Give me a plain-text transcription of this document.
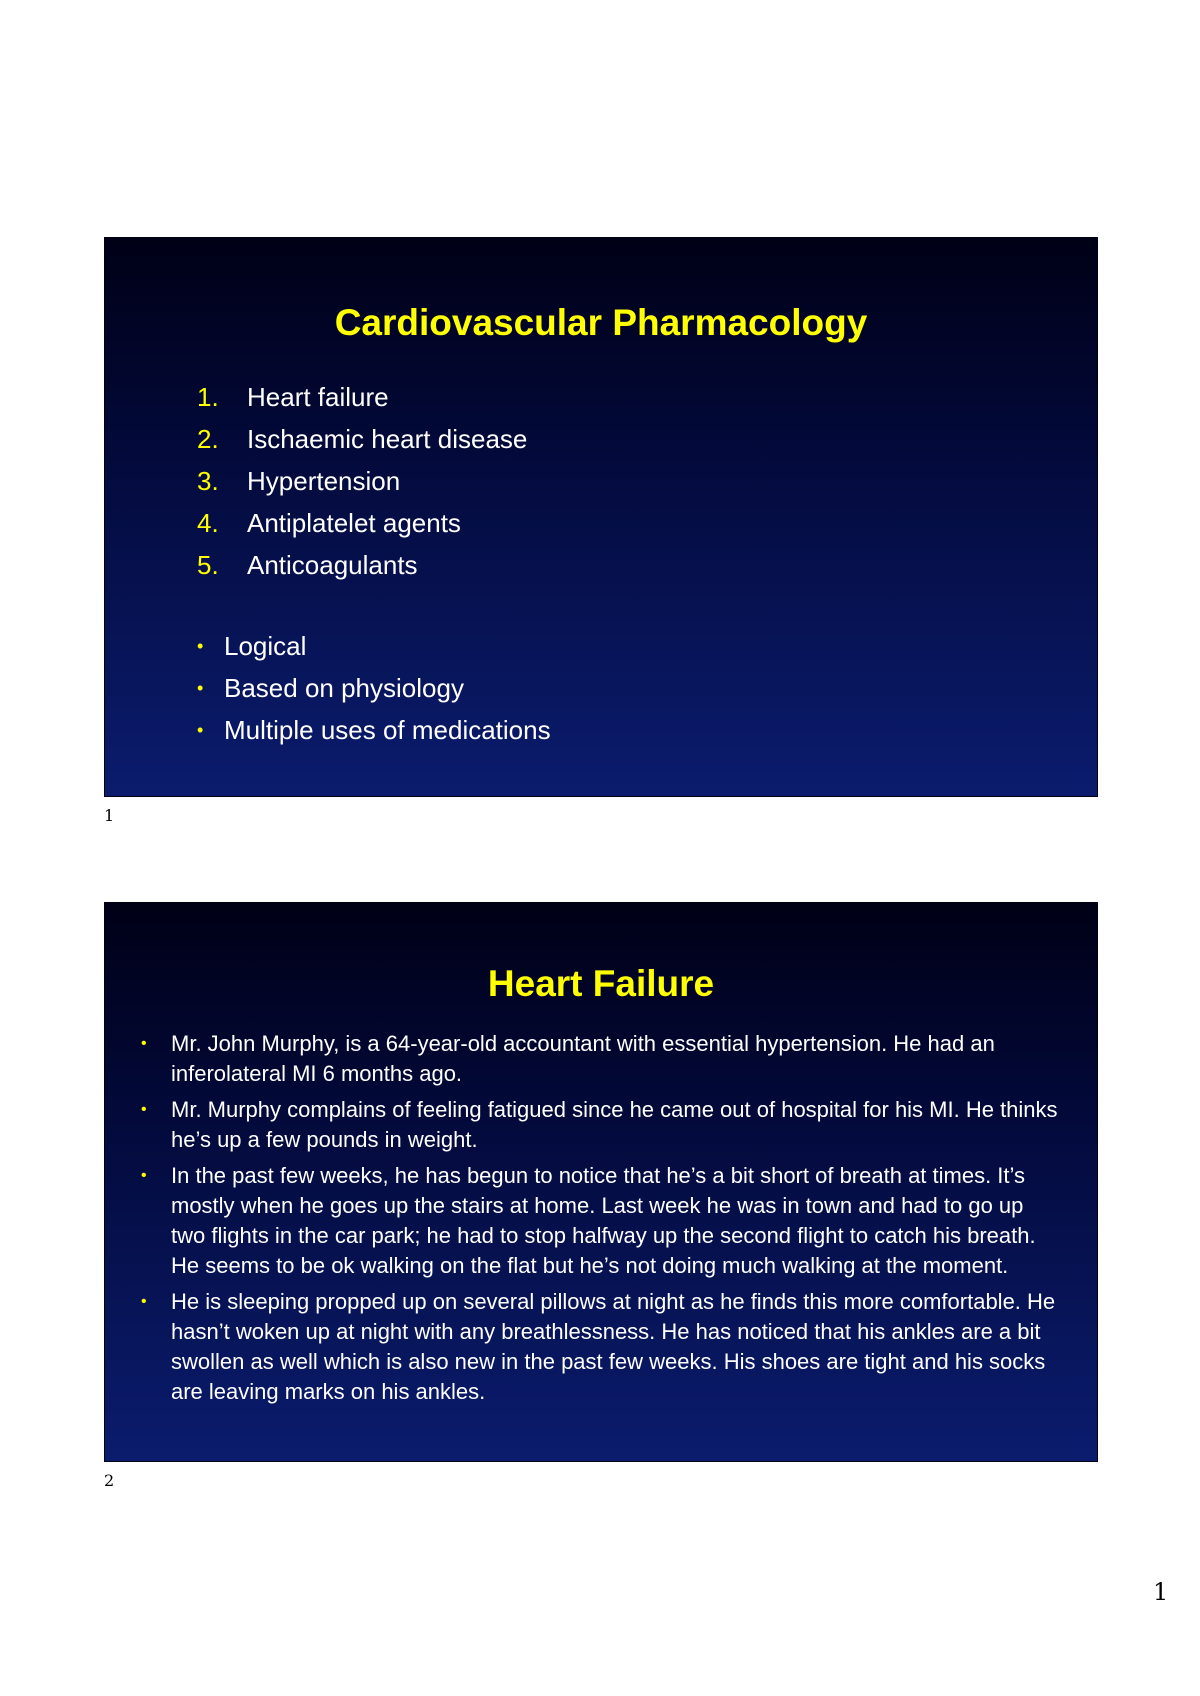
Cardiovascular Pharmacology
1.	Heart failure
2.	Ischaemic heart disease
3.	Hypertension
4.	Antiplatelet agents
5.	Anticoagulants
• Logical
• Based on physiology
• Multiple uses of medications
1
Heart Failure
•	Mr. John Murphy, is a 64-year-old accountant with essential hypertension. He had an inferolateral MI 6 months ago.
•	Mr. Murphy complains of feeling fatigued since he came out of hospital for his MI. He thinks he’s up a few pounds in weight.
•	In the past few weeks, he has begun to notice that he’s a bit short of breath at times. It’s mostly when he goes up the stairs at home. Last week he was in town and had to go up two flights in the car park; he had to stop halfway up the second flight to catch his breath. He seems to be ok walking on the flat but he’s not doing much walking at the moment.
•	He is sleeping propped up on several pillows at night as he finds this more comfortable. He hasn’t woken up at night with any breathlessness. He has noticed that his ankles are a bit swollen as well which is also new in the past few weeks. His shoes are tight and his socks are leaving marks on his ankles.
2
1
